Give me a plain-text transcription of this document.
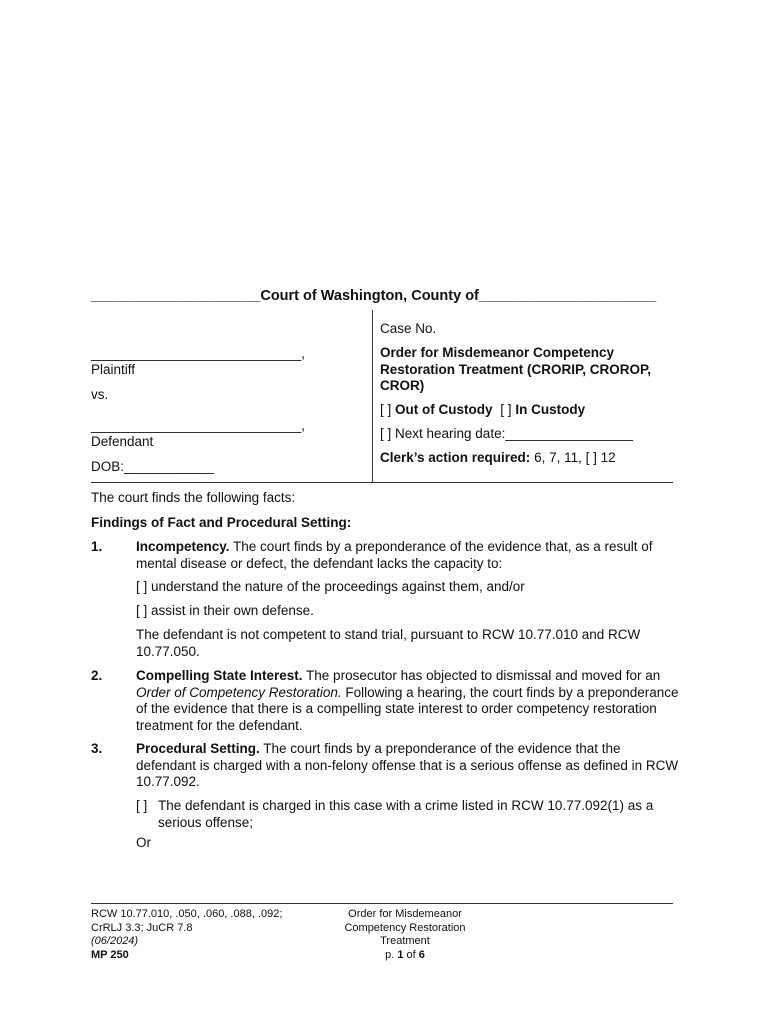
_____________________Court of Washington, County of______________________
____________________________,
Plaintiff
vs.
____________________________,
Defendant
DOB:____________
Case No.
Order for Misdemeanor Competency Restoration Treatment (CRORIP, CROROP, CROR)
[ ] Out of Custody [ ] In Custody
[ ] Next hearing date:_________________
Clerk’s action required: 6, 7, 11, [ ] 12
The court finds the following facts:
Findings of Fact and Procedural Setting:
1. Incompetency. The court finds by a preponderance of the evidence that, as a result of mental disease or defect, the defendant lacks the capacity to:
[ ] understand the nature of the proceedings against them, and/or
[ ] assist in their own defense.
The defendant is not competent to stand trial, pursuant to RCW 10.77.010 and RCW 10.77.050.
2. Compelling State Interest. The prosecutor has objected to dismissal and moved for an Order of Competency Restoration. Following a hearing, the court finds by a preponderance of the evidence that there is a compelling state interest to order competency restoration treatment for the defendant.
3. Procedural Setting. The court finds by a preponderance of the evidence that the defendant is charged with a non-felony offense that is a serious offense as defined in RCW 10.77.092.
[ ] The defendant is charged in this case with a crime listed in RCW 10.77.092(1) as a serious offense;
Or
RCW 10.77.010, .050, .060, .088, .092;
CrRLJ 3.3; JuCR 7.8
(06/2024)
MP 250
Order for Misdemeanor
Competency Restoration
Treatment
p. 1 of 6
